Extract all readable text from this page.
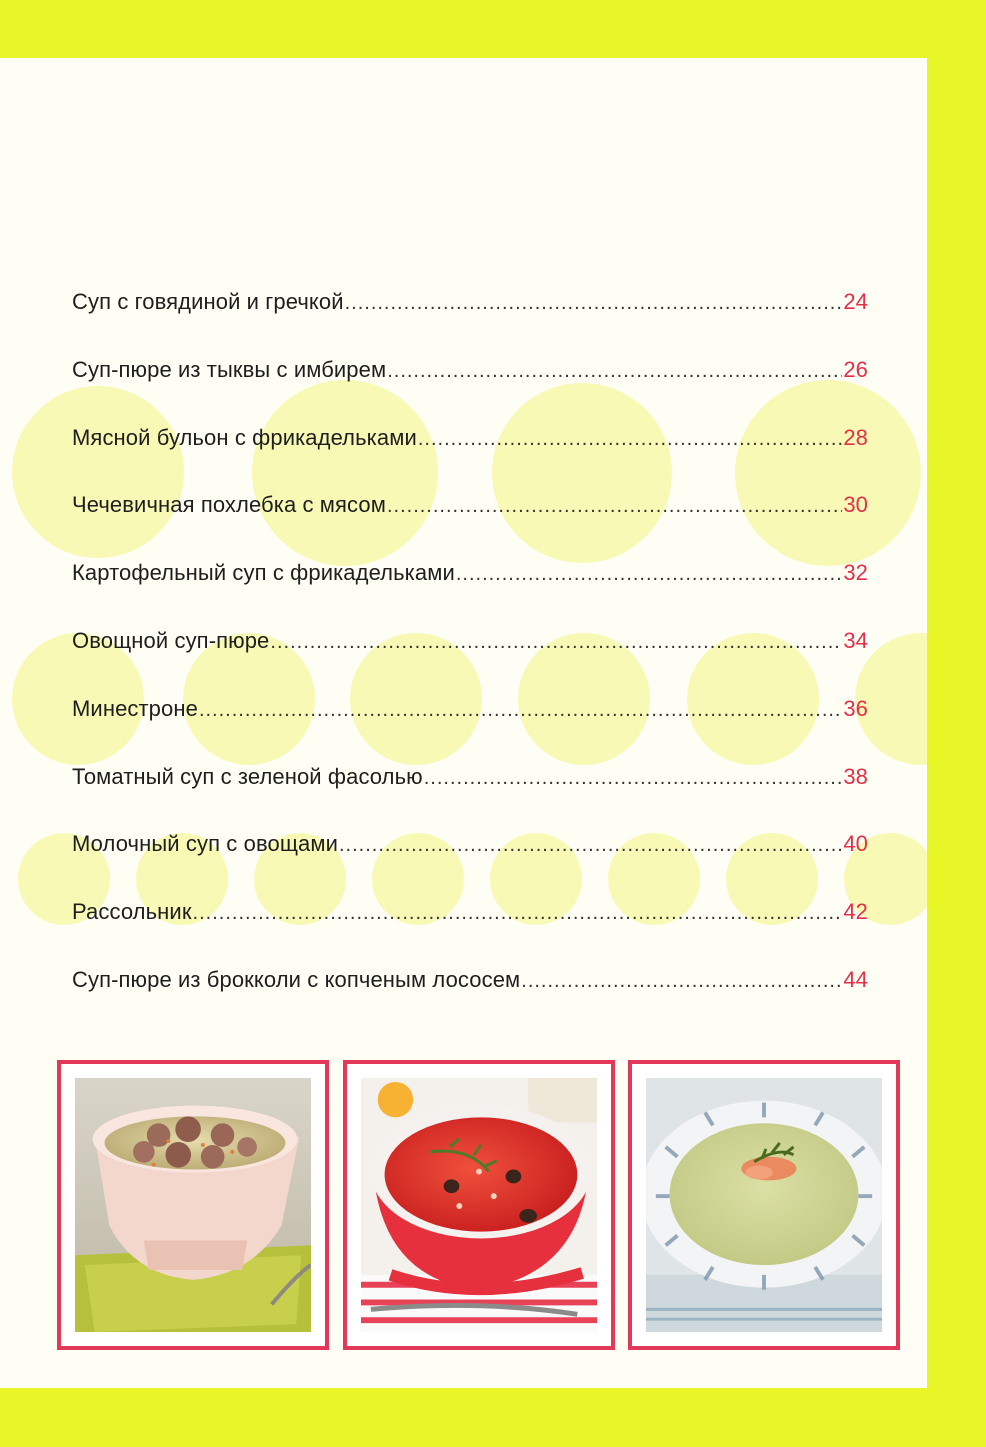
Суп с говядиной и гречкой .....	24
Суп-пюре из тыквы с имбирем .....	26
Мясной бульон с фрикадельками .....	28
Чечевичная похлебка с мясом .....	30
Картофельный суп с фрикадельками .....	32
Овощной суп-пюре .....	34
Минестроне .....	36
Томатный суп с зеленой фасолью .....	38
Молочный суп с овощами .....	40
Рассольник .....	42
Суп-пюре из брокколи с копченым лососем .....	44
